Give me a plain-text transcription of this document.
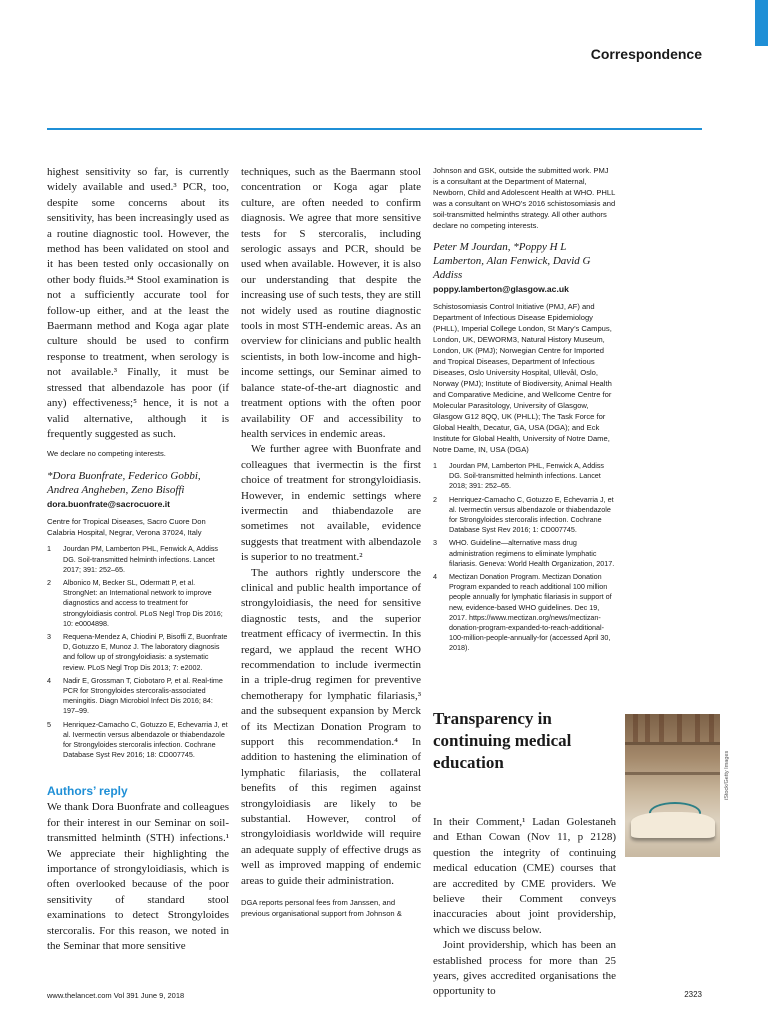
Correspondence

highest sensitivity so far, is currently widely available and used.³ PCR, too, despite some concerns about its sensitivity, has been increasingly used as a routine diagnostic tool. However, the method has been validated on stool and it has been tested only occasionally on other body fluids.³⁴ Stool examination is not a sufficiently accurate tool for follow-up either, and at the least the Baermann method and Koga agar plate culture should be used to confirm response to treatment, when serology is not available.³ Finally, it must be stressed that albendazole has poor (if any) effectiveness;⁵ hence, it is not a valid alternative, although it is frequently suggested as such.

We declare no competing interests.

*Dora Buonfrate, Federico Gobbi, Andrea Angheben, Zeno Bisoffi

dora.buonfrate@sacrocuore.it

Centre for Tropical Diseases, Sacro Cuore Don Calabria Hospital, Negrar, Verona 37024, Italy

1 Jourdan PM, Lamberton PHL, Fenwick A, Addiss DG. Soil-transmitted helminth infections. Lancet 2017; 391: 252–65.
2 Albonico M, Becker SL, Odermatt P, et al. StrongNet: an International network to improve diagnostics and access to treatment for strongyloidiasis control. PLoS Negl Trop Dis 2016; 10: e0004898.
3 Requena-Mendez A, Chiodini P, Bisoffi Z, Buonfrate D, Gotuzzo E, Munoz J. The laboratory diagnosis and follow up of strongyloidiasis: a systematic review. PLoS Negl Trop Dis 2013; 7: e2002.
4 Nadir E, Grossman T, Ciobotaro P, et al. Real-time PCR for Strongyloides stercoralis-associated meningitis. Diagn Microbiol Infect Dis 2016; 84: 197–99.
5 Henriquez-Camacho C, Gotuzzo E, Echevarria J, et al. Ivermectin versus albendazole or thiabendazole for Strongyloides stercoralis infection. Cochrane Database Syst Rev 2016; 18: CD007745.
Authors’ reply

We thank Dora Buonfrate and colleagues for their interest in our Seminar on soil-transmitted helminth (STH) infections.¹ We appreciate their highlighting the importance of strongyloidiasis, which is often overlooked because of the poor sensitivity of standard stool examinations to detect Strongyloides stercoralis. For this reason, we noted in the Seminar that more sensitive

techniques, such as the Baermann stool concentration or Koga agar plate culture, are often needed to confirm diagnosis. We agree that more sensitive tests for S stercoralis, including serologic assays and PCR, should be used when available. However, it is also our understanding that despite the increasing use of such tests, they are still not widely used as routine diagnostic tools in most STH-endemic areas. As an overview for clinicians and public health scientists, in both low-income and high-income settings, our Seminar aimed to balance state-of-the-art diagnostic and treatment options with the often poor availability OF and accessibility to health services in endemic areas.

We further agree with Buonfrate and colleagues that ivermectin is the first choice of treatment for strongyloidiasis. However, in endemic settings where ivermectin and thiabendazole are sometimes not available, evidence suggests that treatment with albendazole is superior to no treatment.²

The authors rightly underscore the clinical and public health importance of strongyloidiasis, the need for sensitive diagnostic tests, and the superior treatment efficacy of ivermectin. In this regard, we applaud the recent WHO recommendation to include ivermectin in a triple-drug regimen for preventive chemotherapy for lymphatic filariasis,³ and the subsequent expansion by Merck of its Mectizan Donation Program to support this recommendation.⁴ In addition to hastening the elimination of lymphatic filariasis, the collateral benefits of this regimen against strongyloidiasis are likely to be substantial. However, control of strongyloidiasis worldwide will require an adequate supply of effective drugs as well as improved mapping of endemic areas to guide their administration.

DGA reports personal fees from Janssen, and previous organisational support from Johnson &

Johnson and GSK, outside the submitted work. PMJ is a consultant at the Department of Maternal, Newborn, Child and Adolescent Health at WHO. PHLL was a consultant on WHO’s 2016 schistosomiasis and soil-transmitted helminths strategy. All other authors declare no competing interests.

Peter M Jourdan, *Poppy H L Lamberton, Alan Fenwick, David G Addiss

poppy.lamberton@glasgow.ac.uk

Schistosomiasis Control Initiative (PMJ, AF) and Department of Infectious Disease Epidemiology (PHLL), Imperial College London, St Mary’s Campus, London, UK, DEWORM3, Natural History Museum, London, UK (PMJ); Norwegian Centre for Imported and Tropical Diseases, Department of Infectious Diseases, Oslo University Hospital, Ullevål, Oslo, Norway (PMJ); Institute of Biodiversity, Animal Health and Comparative Medicine, and Wellcome Centre for Molecular Parasitology, University of Glasgow, Glasgow G12 8QQ, UK (PHLL); The Task Force for Global Health, Decatur, GA, USA (DGA); and Eck Institute for Global Health, University of Notre Dame, Notre Dame, IN, USA (DGA)

1 Jourdan PM, Lamberton PHL, Fenwick A, Addiss DG. Soil-transmitted helminth infections. Lancet 2018; 391: 252–65.
2 Henriquez-Camacho C, Gotuzzo E, Echevarria J, et al. Ivermectin versus albendazole or thiabendazole for Strongyloides stercoralis infection. Cochrane Database Syst Rev 2016; 1: CD007745.
3 WHO. Guideline—alternative mass drug administration regimens to eliminate lymphatic filariasis. Geneva: World Health Organization, 2017.
4 Mectizan Donation Program. Mectizan Donation Program expanded to reach additional 100 million people annually for lymphatic filariasis in support of new, evidence-based WHO guidelines. Dec 19, 2017. https://www.mectizan.org/news/mectizan-donation-program-expanded-to-reach-additional-100-million-people-annually-for (accessed April 30, 2018).
Transparency in continuing medical education

In their Comment,¹ Ladan Golestaneh and Ethan Cowan (Nov 11, p 2128) question the integrity of continuing medical education (CME) courses that are accredited by CME providers. We believe their Comment conveys inaccuracies about joint providership, which we discuss below.

Joint providership, which has been an established process for more than 25 years, gives accredited organisations the opportunity to

iStock/Getty Images
www.thelancet.com Vol 391 June 9, 2018	2323
